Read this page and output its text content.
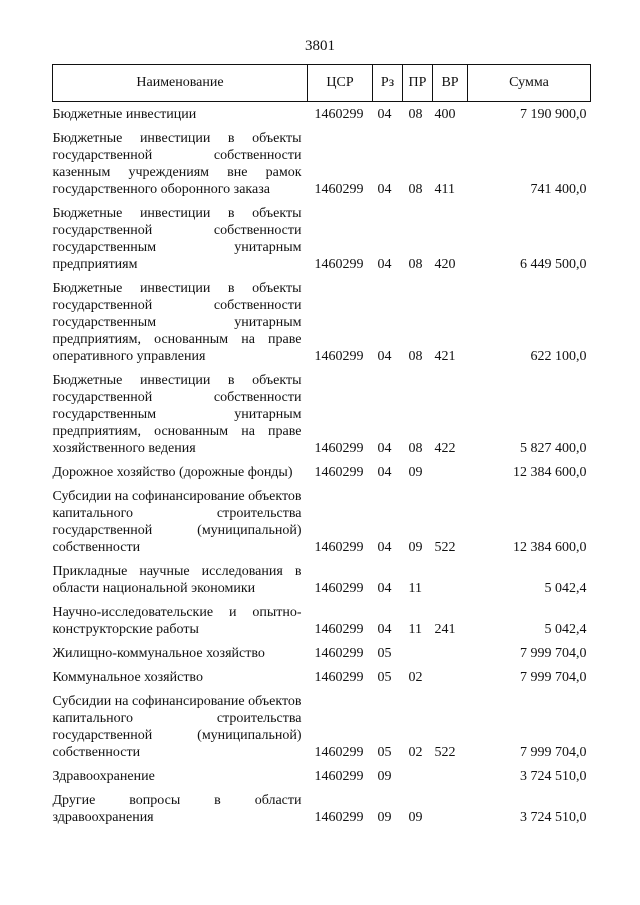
3801
Наименование	ЦСР	Рз	ПР	ВР	Сумма
Бюджетные инвестиции	1460299	04	08	400	7 190 900,0
Бюджетные инвестиции в объекты государственной собственности казенным учреждениям вне рамок государственного оборонного заказа	1460299	04	08	411	741 400,0
Бюджетные инвестиции в объекты государственной собственности государственным унитарным предприятиям	1460299	04	08	420	6 449 500,0
Бюджетные инвестиции в объекты государственной собственности государственным унитарным предприятиям, основанным на праве оперативного управления	1460299	04	08	421	622 100,0
Бюджетные инвестиции в объекты государственной собственности государственным унитарным предприятиям, основанным на праве хозяйственного ведения	1460299	04	08	422	5 827 400,0
Дорожное хозяйство (дорожные фонды)	1460299	04	09		12 384 600,0
Субсидии на софинансирование объектов капитального строительства государственной (муниципальной) собственности	1460299	04	09	522	12 384 600,0
Прикладные научные исследования в области национальной экономики	1460299	04	11		5 042,4
Научно-исследовательские и опытно-конструкторские работы	1460299	04	11	241	5 042,4
Жилищно-коммунальное хозяйство	1460299	05			7 999 704,0
Коммунальное хозяйство	1460299	05	02		7 999 704,0
Субсидии на софинансирование объектов капитального строительства государственной (муниципальной) собственности	1460299	05	02	522	7 999 704,0
Здравоохранение	1460299	09			3 724 510,0
Другие вопросы в области здравоохранения	1460299	09	09		3 724 510,0
